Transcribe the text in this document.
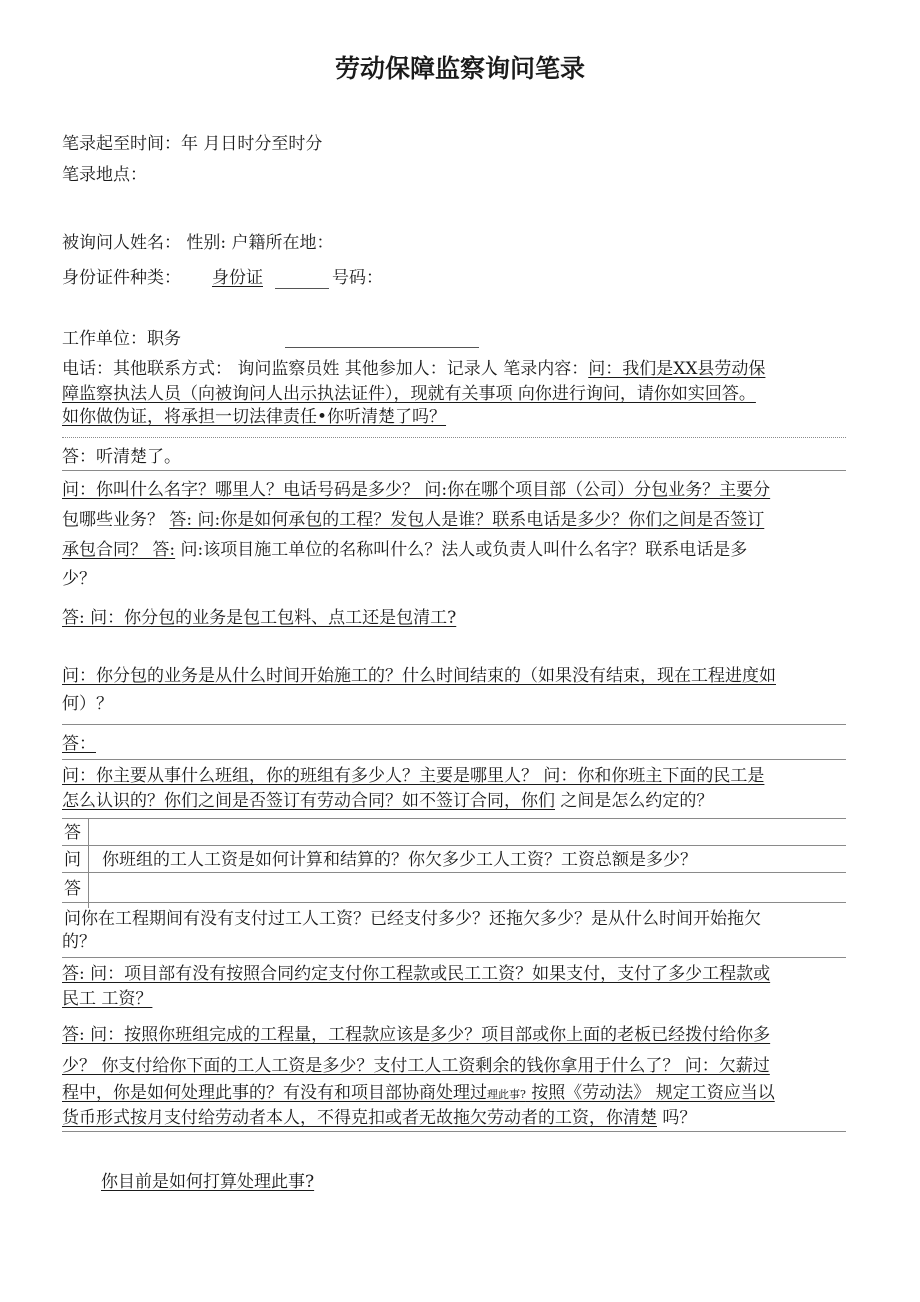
劳动保障监察询问笔录
笔录起至时间：年 月日时分至时分
笔录地点：
被询问人姓名： 性别: 户籍所在地：
身份证件种类： 身份证	号码：
工作单位：职务
电话：其他联系方式： 询问监察员姓 其他参加人：记录人 笔录内容：问：我们是XX县劳动保
障监察执法人员（向被询问人出示执法证件），现就有关事项 向你进行询问，请你如实回答。
如你做伪证，将承担一切法律责任•你听清楚了吗？
答：听清楚了。
问：你叫什么名字？哪里人？电话号码是多少？ 问:你在哪个项目部（公司）分包业务？主要分
包哪些业务？ 答: 问:你是如何承包的工程？发包人是谁？联系电话是多少？你们之间是否签订
承包合同？ 答: 问:该项目施工单位的名称叫什么？法人或负责人叫什么名字？联系电话是多
少？
答: 问：你分包的业务是包工包料、点工还是包清工?
问：你分包的业务是从什么时间开始施工的？什么时间结束的（如果没有结束，现在工程进度如
何）？
答：
问：你主要从事什么班组，你的班组有多少人？主要是哪里人？ 问：你和你班主下面的民工是
怎么认识的？你们之间是否签订有劳动合同？如不签订合同，你们 之间是怎么约定的？
答
问 你班组的工人工资是如何计算和结算的？你欠多少工人工资？工资总额是多少？
答
问你在工程期间有没有支付过工人工资？已经支付多少？还拖欠多少？是从什么时间开始拖欠
的？
答: 问：项目部有没有按照合同约定支付你工程款或民工工资？如果支付，支付了多少工程款或
民工 工资？
答: 问：按照你班组完成的工程量，工程款应该是多少？项目部或你上面的老板已经拨付给你多
少？ 你支付给你下面的工人工资是多少？支付工人工资剩余的钱你拿用于什么了？ 问：欠薪过
程中，你是如何处理此事的？有没有和项目部协商处理过理此事? 按照《劳动法》 规定工资应当以
货币形式按月支付给劳动者本人，不得克扣或者无故拖欠劳动者的工资，你清楚 吗？
你目前是如何打算处理此事?
